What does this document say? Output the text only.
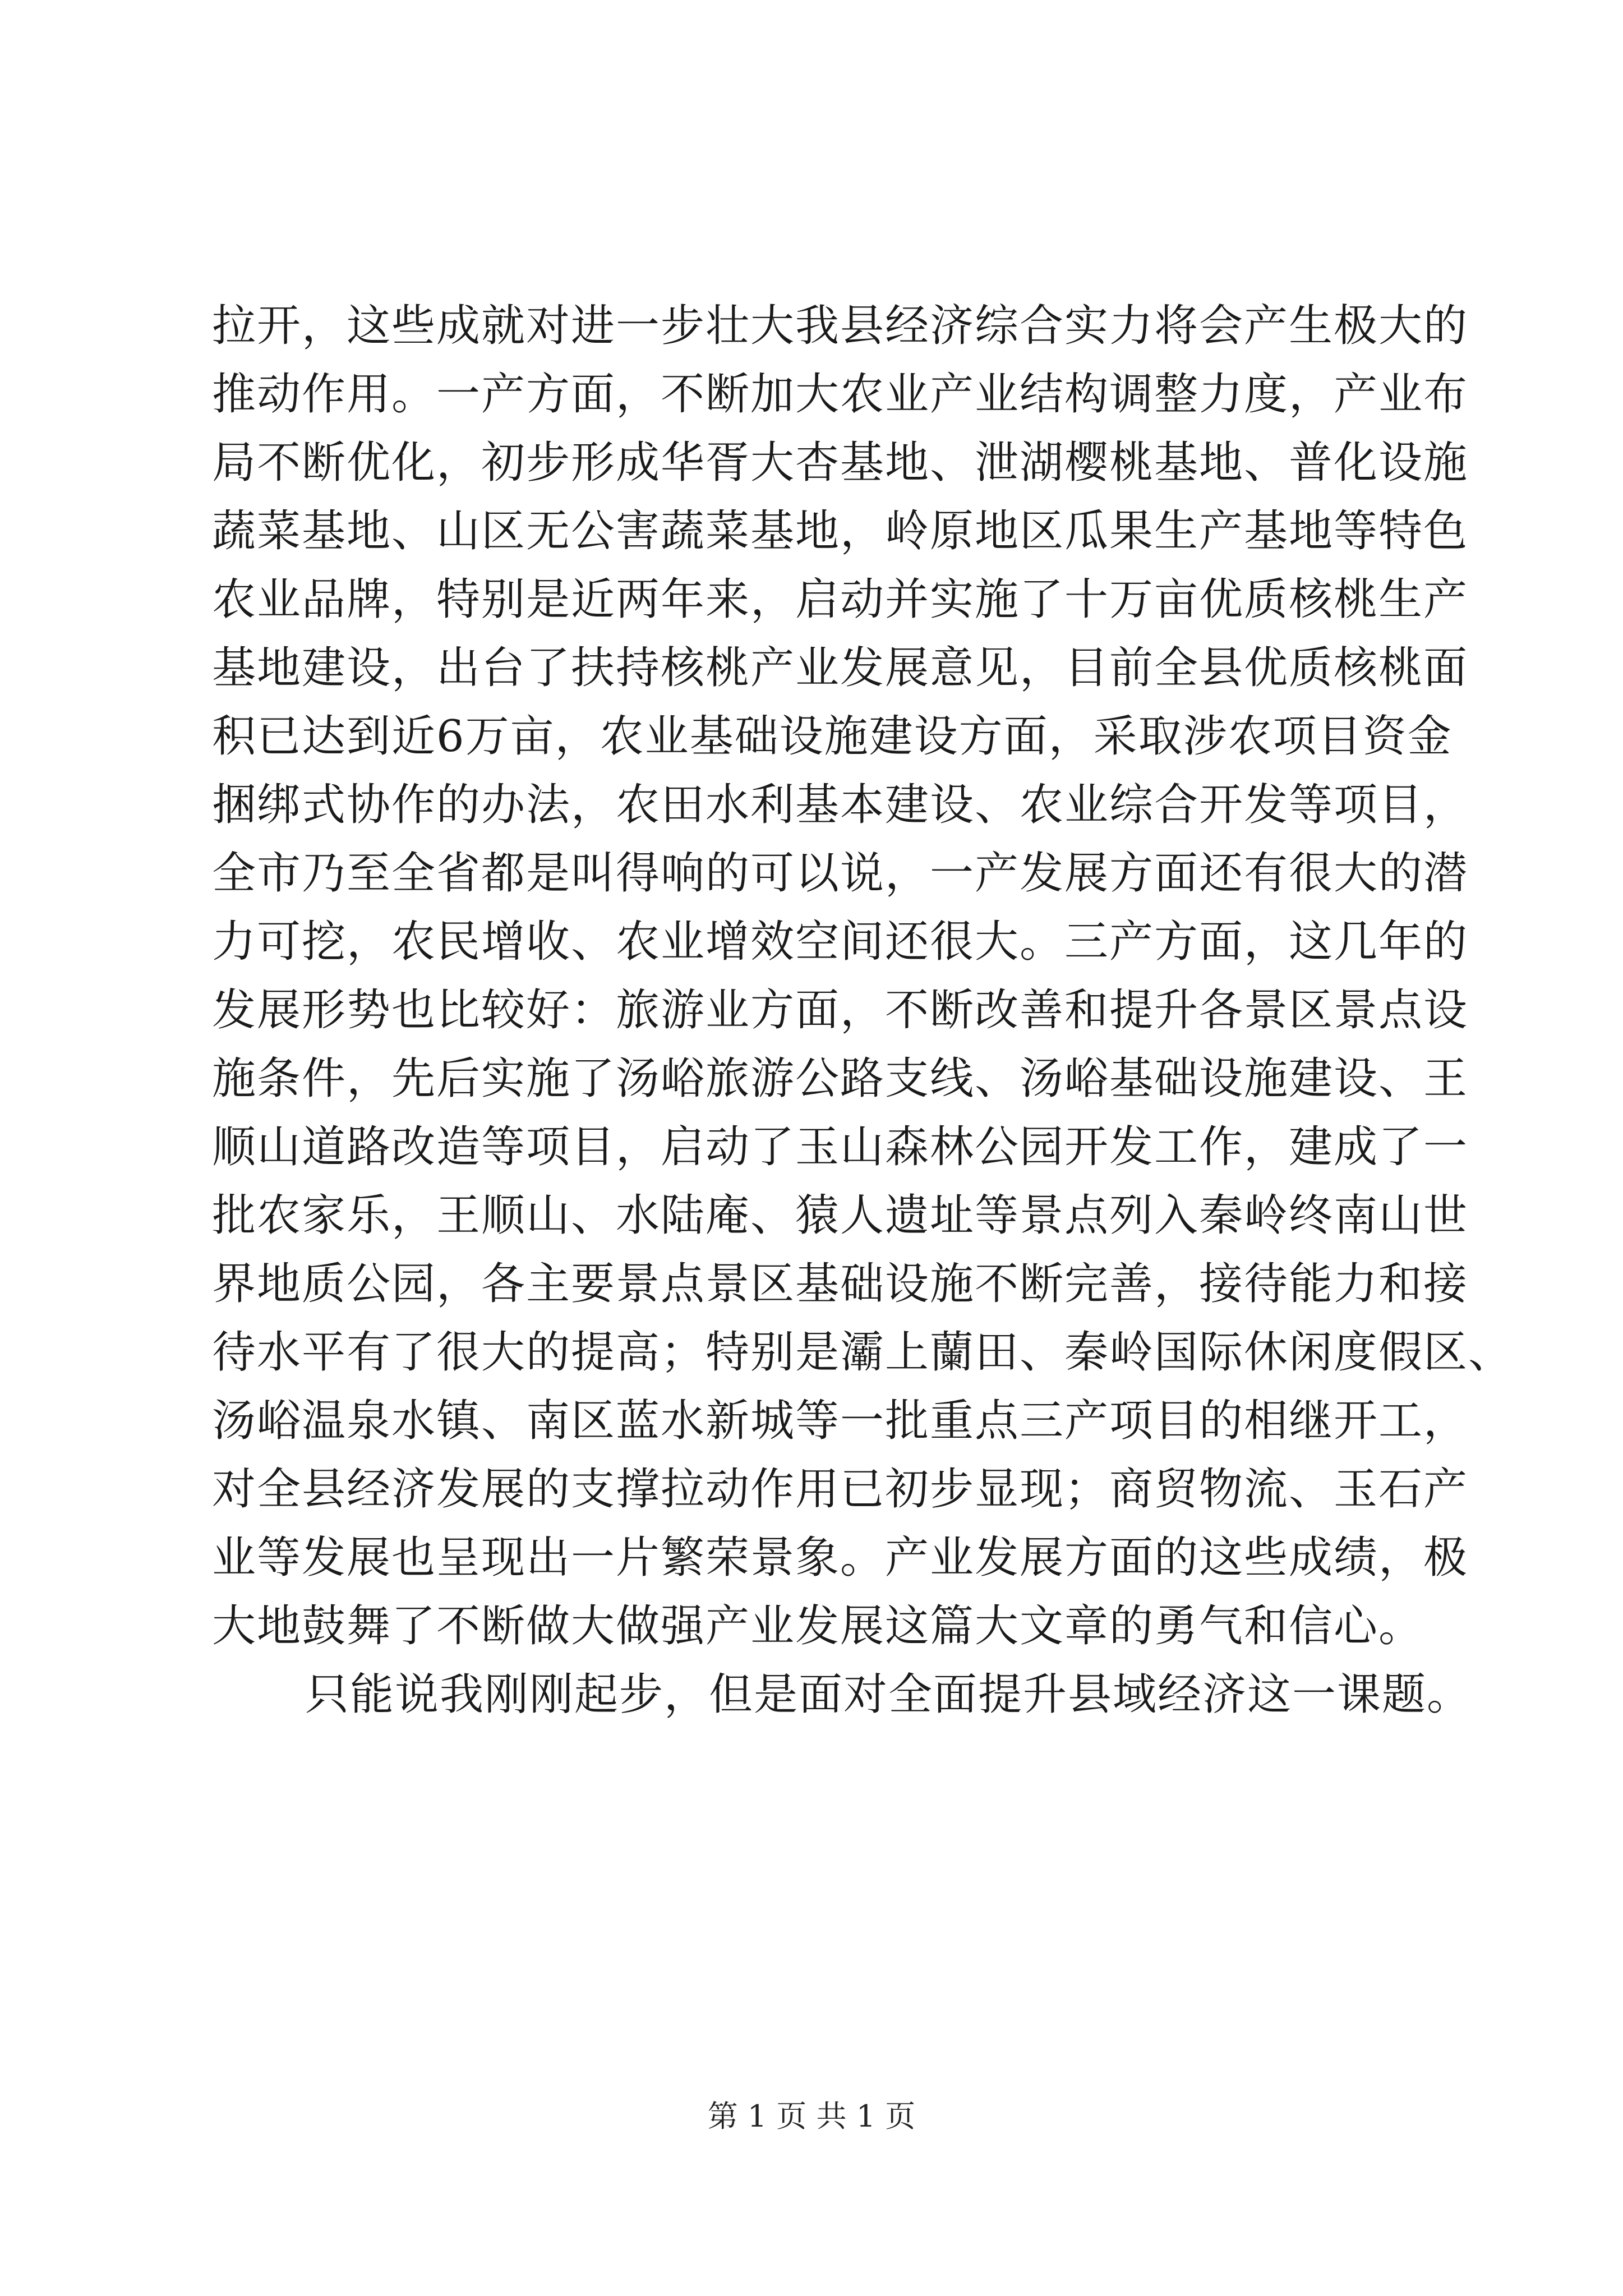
拉开，这些成就对进一步壮大我县经济综合实力将会产生极大的
推动作用。一产方面，不断加大农业产业结构调整力度，产业布
局不断优化，初步形成华胥大杏基地、泄湖樱桃基地、普化设施
蔬菜基地、山区无公害蔬菜基地，岭原地区瓜果生产基地等特色
农业品牌，特别是近两年来，启动并实施了十万亩优质核桃生产
基地建设，出台了扶持核桃产业发展意见，目前全县优质核桃面
积已达到近6万亩，农业基础设施建设方面，采取涉农项目资金
捆绑式协作的办法，农田水利基本建设、农业综合开发等项目，
全市乃至全省都是叫得响的可以说，一产发展方面还有很大的潜
力可挖，农民增收、农业增效空间还很大。三产方面，这几年的
发展形势也比较好：旅游业方面，不断改善和提升各景区景点设
施条件，先后实施了汤峪旅游公路支线、汤峪基础设施建设、王
顺山道路改造等项目，启动了玉山森林公园开发工作，建成了一
批农家乐，王顺山、水陆庵、猿人遗址等景点列入秦岭终南山世
界地质公园，各主要景点景区基础设施不断完善，接待能力和接
待水平有了很大的提高；特别是灞上蘭田、秦岭国际休闲度假区、
汤峪温泉水镇、南区蓝水新城等一批重点三产项目的相继开工，
对全县经济发展的支撑拉动作用已初步显现；商贸物流、玉石产
业等发展也呈现出一片繁荣景象。产业发展方面的这些成绩，极
大地鼓舞了不断做大做强产业发展这篇大文章的勇气和信心。
只能说我刚刚起步，但是面对全面提升县域经济这一课题。
第 1 页 共 1 页
